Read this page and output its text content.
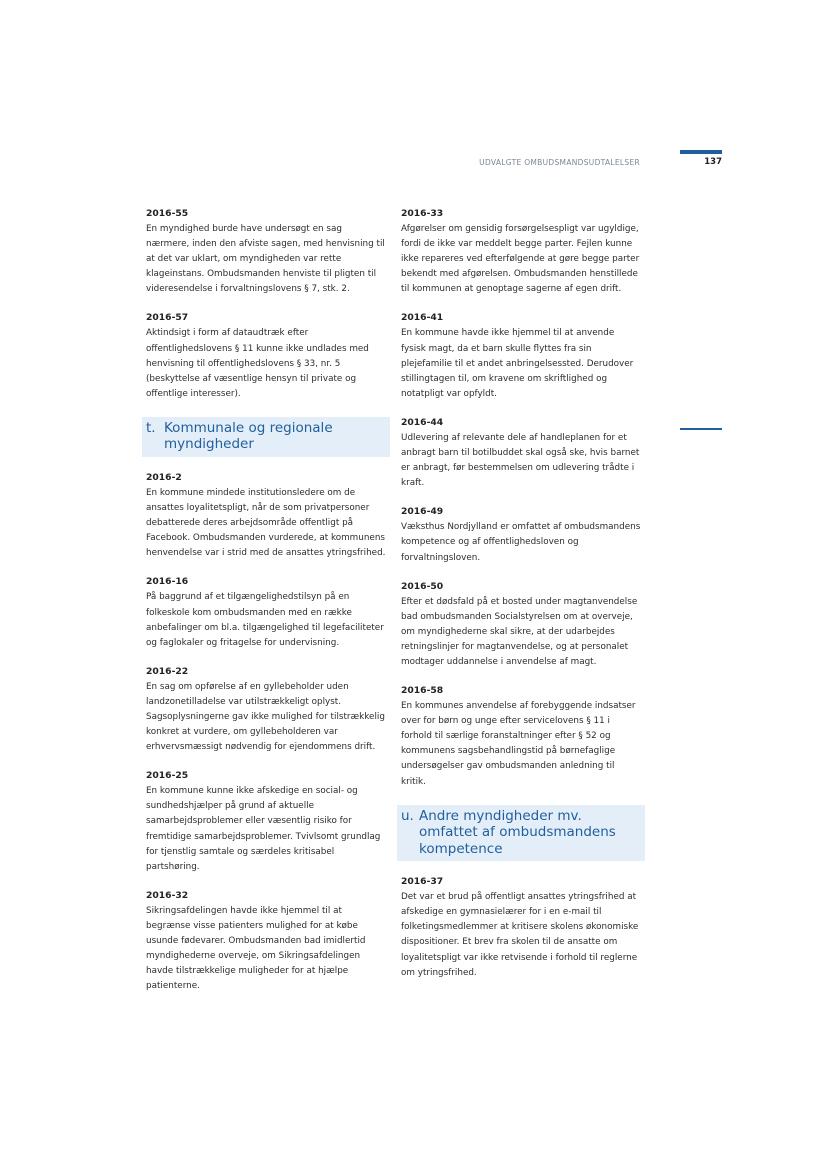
UDVALGTE OMBUDSMANDSUDTALELSER	137
2016-55

En myndighed burde have undersøgt en sag nærmere, inden den afviste sagen, med henvisning til at det var uklart, om myndigheden var rette klageinstans. Ombudsmanden henviste til pligten til videresendelse i forvaltningslovens § 7, stk. 2.

2016-57

Aktindsigt i form af dataudtræk efter offentlighedslovens § 11 kunne ikke undlades med henvisning til offentlighedslovens § 33, nr. 5 (beskyttelse af væsentlige hensyn til private og offentlige interesser).

t. Kommunale og regionale myndigheder
2016-2

En kommune mindede institutionsledere om de ansattes loyalitetspligt, når de som privatpersoner debatterede deres arbejdsområde offentligt på Facebook. Ombudsmanden vurderede, at kommunens henvendelse var i strid med de ansattes ytringsfrihed.

2016-16

På baggrund af et tilgængelighedstilsyn på en folkeskole kom ombudsmanden med en række anbefalinger om bl.a. tilgængelighed til legefaciliteter og faglokaler og fritagelse for undervisning.

2016-22

En sag om opførelse af en gyllebeholder uden landzonetilladelse var utilstrækkeligt oplyst. Sagsoplysningerne gav ikke mulighed for tilstrækkelig konkret at vurdere, om gyllebeholderen var erhvervsmæssigt nødvendig for ejendommens drift.

2016-25

En kommune kunne ikke afskedige en social- og sundhedshjælper på grund af aktuelle samarbejdsproblemer eller væsentlig risiko for fremtidige samarbejdsproblemer. Tvivlsomt grundlag for tjenstlig samtale og særdeles kritisabel partshøring.

2016-32

Sikringsafdelingen havde ikke hjemmel til at begrænse visse patienters mulighed for at købe usunde fødevarer. Ombudsmanden bad imidlertid myndighederne overveje, om Sikringsafdelingen havde tilstrækkelige muligheder for at hjælpe patienterne.

2016-33

Afgørelser om gensidig forsørgelsespligt var ugyldige, fordi de ikke var meddelt begge parter. Fejlen kunne ikke repareres ved efterfølgende at gøre begge parter bekendt med afgørelsen. Ombudsmanden henstillede til kommunen at genoptage sagerne af egen drift.

2016-41

En kommune havde ikke hjemmel til at anvende fysisk magt, da et barn skulle flyttes fra sin plejefamilie til et andet anbringelsessted. Derudover stillingtagen til, om kravene om skriftlighed og notatpligt var opfyldt.

2016-44

Udlevering af relevante dele af handleplanen for et anbragt barn til botilbuddet skal også ske, hvis barnet er anbragt, før bestemmelsen om udlevering trådte i kraft.

2016-49

Væksthus Nordjylland er omfattet af ombudsmandens kompetence og af offentlighedsloven og forvaltningsloven.

2016-50

Efter et dødsfald på et bosted under magtanvendelse bad ombudsmanden Socialstyrelsen om at overveje, om myndighederne skal sikre, at der udarbejdes retningslinjer for magtanvendelse, og at personalet modtager uddannelse i anvendelse af magt.

2016-58

En kommunes anvendelse af forebyggende indsatser over for børn og unge efter servicelovens § 11 i forhold til særlige foranstaltninger efter § 52 og kommunens sagsbehandlingstid på børnefaglige undersøgelser gav ombudsmanden anledning til kritik.

u. Andre myndigheder mv. omfattet af ombudsmandens kompetence
2016-37

Det var et brud på offentligt ansattes ytringsfrihed at afskedige en gymnasielærer for i en e-mail til folketingsmedlemmer at kritisere skolens økonomiske dispositioner. Et brev fra skolen til de ansatte om loyalitetspligt var ikke retvisende i forhold til reglerne om ytringsfrihed.
